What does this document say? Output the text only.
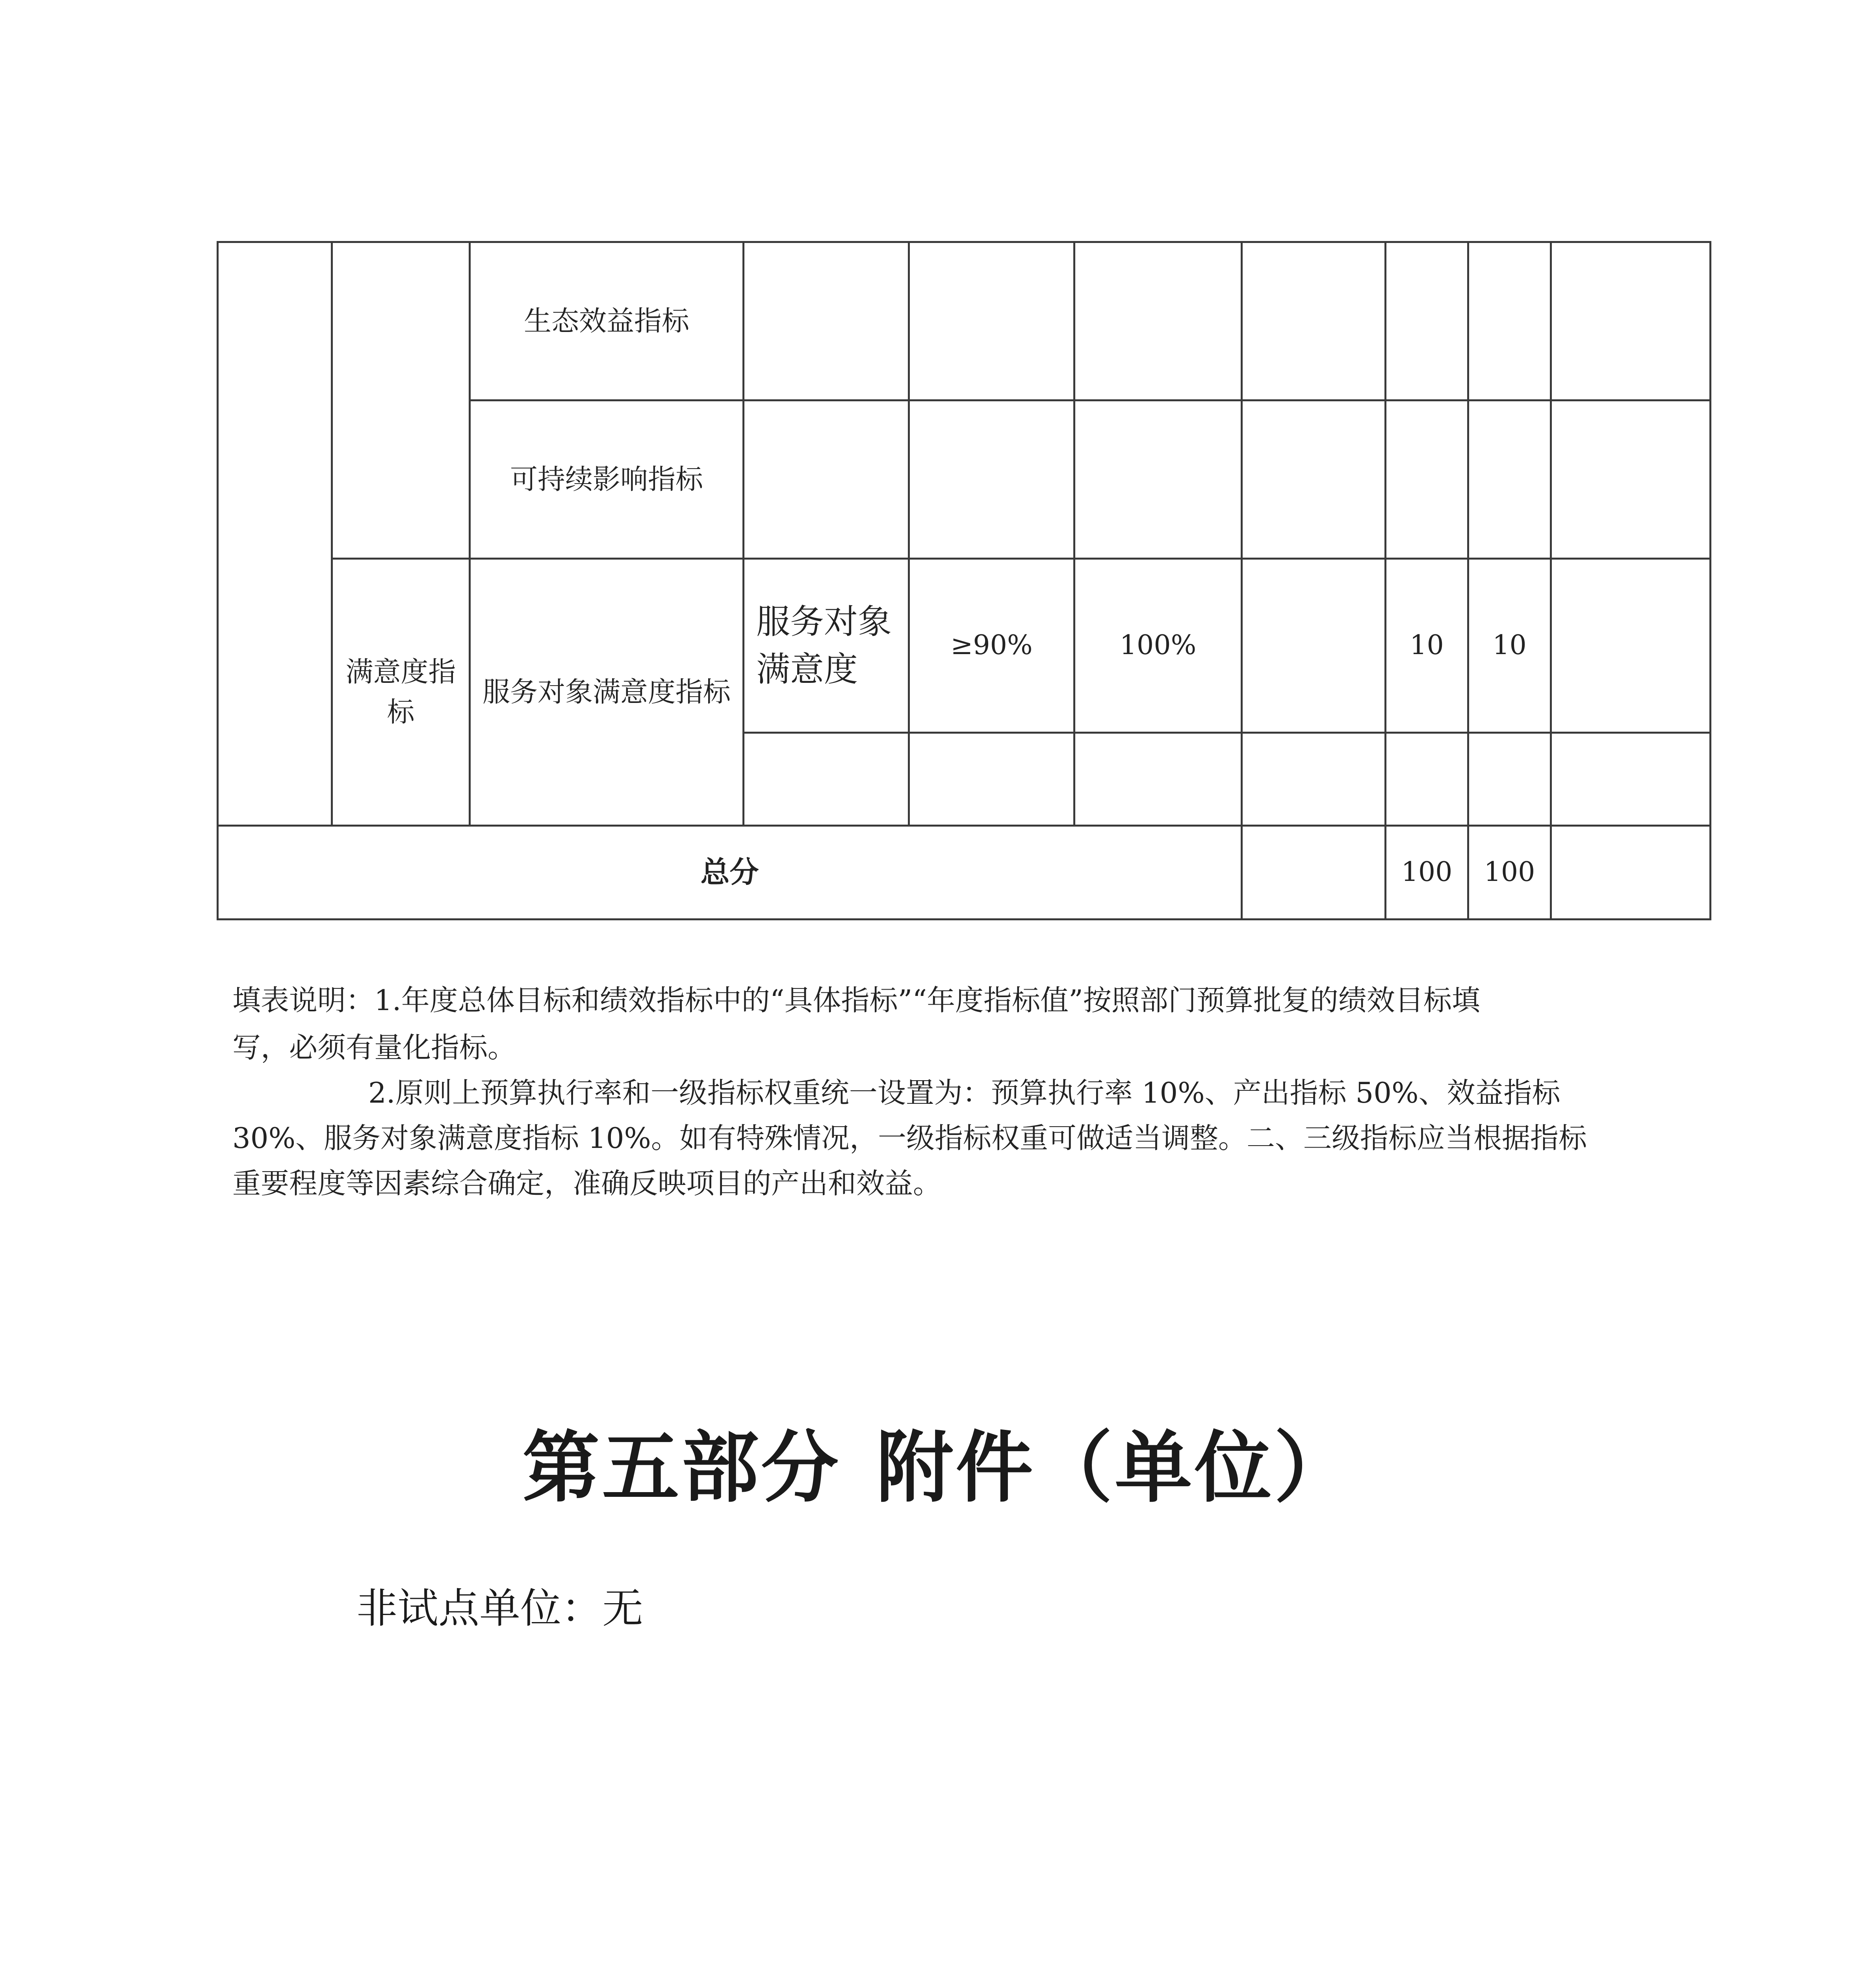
		生态效益指标							
		可持续影响指标							
	满意度指标	服务对象满意度指标	服务对象满意度	≥90%	100%		10	10	

总分							100	100	
填表说明：1.年度总体目标和绩效指标中的“具体指标”“年度指标值”按照部门预算批复的绩效目标填
写，必须有量化指标。
2.原则上预算执行率和一级指标权重统一设置为：预算执行率 10%、产出指标 50%、效益指标
30%、服务对象满意度指标 10%。如有特殊情况，一级指标权重可做适当调整。二、三级指标应当根据指标
重要程度等因素综合确定，准确反映项目的产出和效益。
第五部分 附件（单位）
非试点单位：无
